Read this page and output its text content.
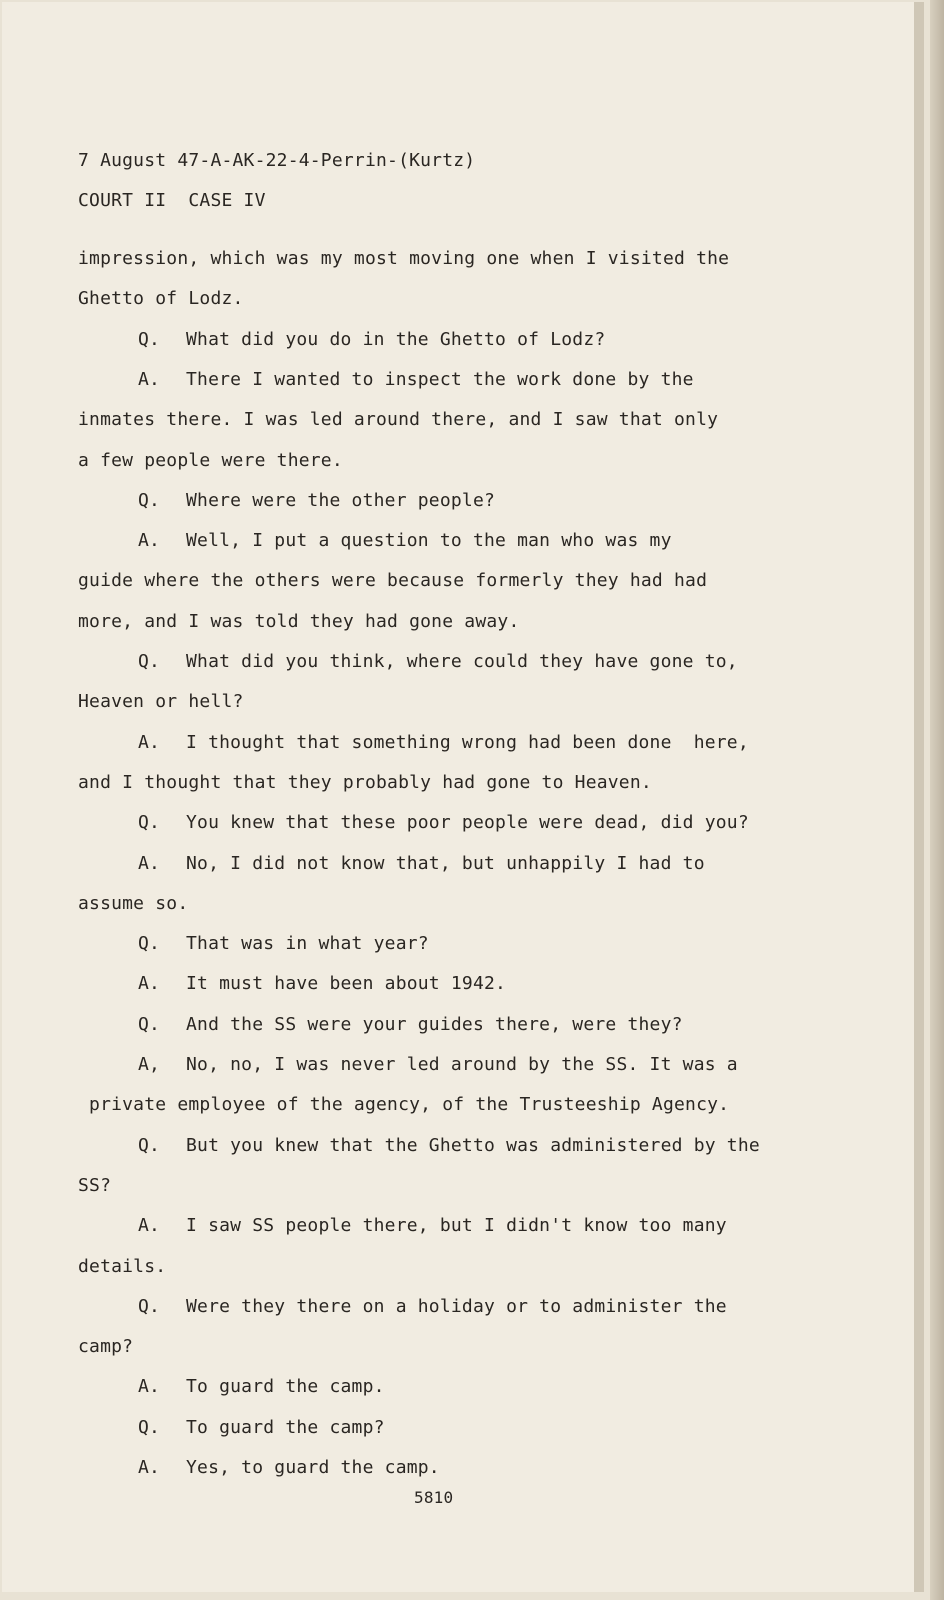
7 August 47-A-AK-22-4-Perrin-(Kurtz)
COURT II  CASE IV
impression, which was my most moving one when I visited the
Ghetto of Lodz.
Q. What did you do in the Ghetto of Lodz?
A. There I wanted to inspect the work done by the
inmates there. I was led around there, and I saw that only
a few people were there.
Q. Where were the other people?
A. Well, I put a question to the man who was my
guide where the others were because formerly they had had
more, and I was told they had gone away.
Q. What did you think, where could they have gone to,
Heaven or hell?
A. I thought that something wrong had been done  here,
and I thought that they probably had gone to Heaven.
Q. You knew that these poor people were dead, did you?
A. No, I did not know that, but unhappily I had to
assume so.
Q. That was in what year?
A. It must have been about 1942.
Q. And the SS were your guides there, were they?
A, No, no, I was never led around by the SS. It was a
private employee of the agency, of the Trusteeship Agency.
Q. But you knew that the Ghetto was administered by the
SS?
A. I saw SS people there, but I didn't know too many
details.
Q. Were they there on a holiday or to administer the
camp?
A. To guard the camp.
Q. To guard the camp?
A. Yes, to guard the camp.
5810
